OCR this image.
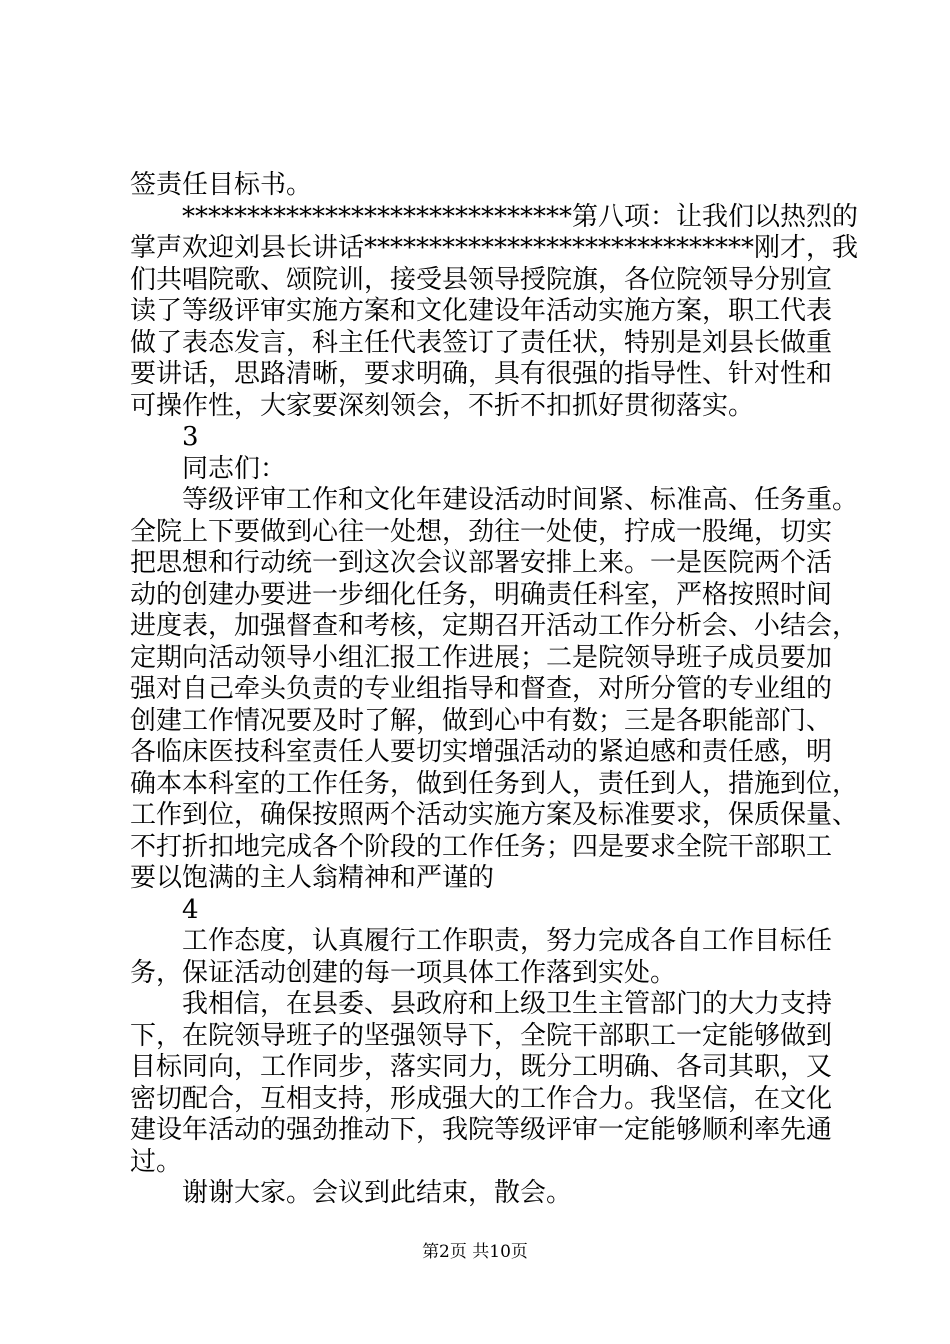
签责任目标书。
　　******************************第八项：让我们以热烈的
掌声欢迎刘县长讲话******************************刚才，我
们共唱院歌、颂院训，接受县领导授院旗，各位院领导分别宣
读了等级评审实施方案和文化建设年活动实施方案，职工代表
做了表态发言，科主任代表签订了责任状，特别是刘县长做重
要讲话，思路清晰，要求明确，具有很强的指导性、针对性和
可操作性，大家要深刻领会，不折不扣抓好贯彻落实。
　　3
　　同志们：
　　等级评审工作和文化年建设活动时间紧、标准高、任务重。
全院上下要做到心往一处想，劲往一处使，拧成一股绳，切实
把思想和行动统一到这次会议部署安排上来。一是医院两个活
动的创建办要进一步细化任务，明确责任科室，严格按照时间
进度表，加强督查和考核，定期召开活动工作分析会、小结会，
定期向活动领导小组汇报工作进展；二是院领导班子成员要加
强对自己牵头负责的专业组指导和督查，对所分管的专业组的
创建工作情况要及时了解，做到心中有数；三是各职能部门、
各临床医技科室责任人要切实增强活动的紧迫感和责任感，明
确本本科室的工作任务，做到任务到人，责任到人，措施到位，
工作到位，确保按照两个活动实施方案及标准要求，保质保量、
不打折扣地完成各个阶段的工作任务；四是要求全院干部职工
要以饱满的主人翁精神和严谨的
　　4
　　工作态度，认真履行工作职责，努力完成各自工作目标任
务，保证活动创建的每一项具体工作落到实处。
　　我相信，在县委、县政府和上级卫生主管部门的大力支持
下，在院领导班子的坚强领导下，全院干部职工一定能够做到
目标同向，工作同步，落实同力，既分工明确、各司其职，又
密切配合，互相支持，形成强大的工作合力。我坚信，在文化
建设年活动的强劲推动下，我院等级评审一定能够顺利率先通
过。
　　谢谢大家。会议到此结束，散会。
第2页 共10页
